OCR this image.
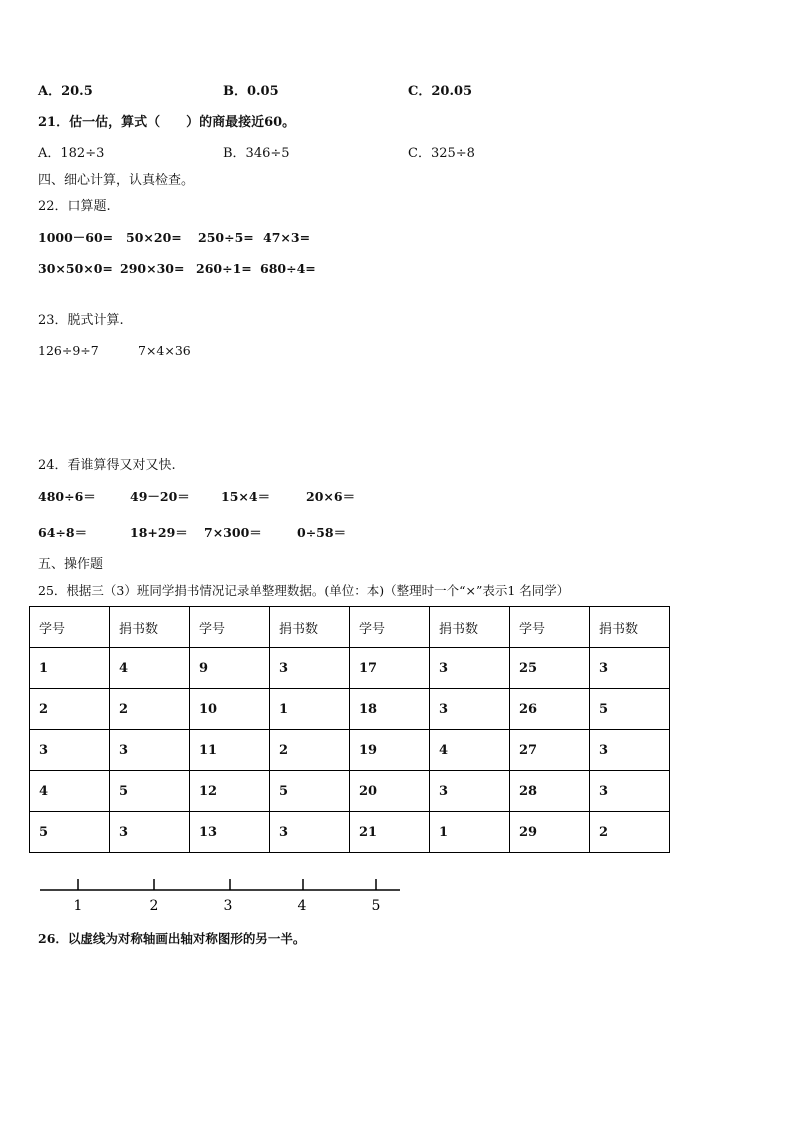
A．20.5	B．0.05	C．20.05
21．估一估，算式（　　）的商最接近60。
A．182÷3	B．346÷5	C．325÷8
四、细心计算，认真检查。
22．口算题.
1000－60= 50×20= 250÷5= 47×3=
30×50×0= 290×30= 260÷1= 680÷4=
23．脱式计算.
126÷9÷7	7×4×36
24．看谁算得又对又快.
480÷6＝	49－20＝ 15×4＝	20×6＝
64÷8＝	18+29＝ 7×300＝	0÷58＝
五、操作题
25．根据三（3）班同学捐书情况记录单整理数据。(单位：本)（整理时一个“×”表示1 名同学）
学号	捐书数	学号	捐书数	学号	捐书数	学号	捐书数
1	4	9	3	17	3	25	3
2	2	10	1	18	3	26	5
3	3	11	2	19	4	27	3
4	5	12	5	20	3	28	3
5	3	13	3	21	1	29	2
1	2	3	4	5
26．以虚线为对称轴画出轴对称图形的另一半。
